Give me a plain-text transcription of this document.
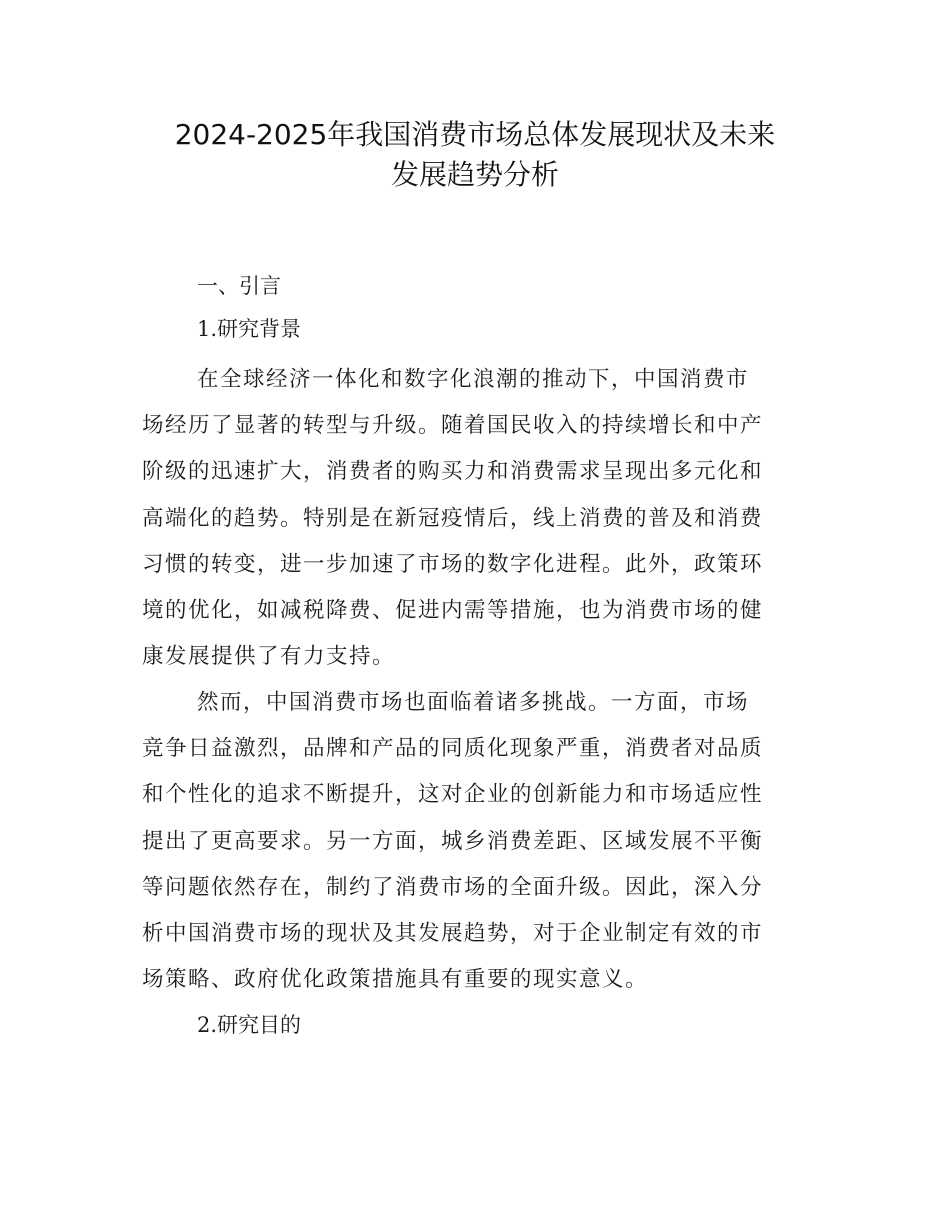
2024-2025年我国消费市场总体发展现状及未来
发展趋势分析
一、引言
1.研究背景

在全球经济一体化和数字化浪潮的推动下，中国消费市
场经历了显著的转型与升级。随着国民收入的持续增长和中产
阶级的迅速扩大，消费者的购买力和消费需求呈现出多元化和
高端化的趋势。特别是在新冠疫情后，线上消费的普及和消费
习惯的转变，进一步加速了市场的数字化进程。此外，政策环
境的优化，如减税降费、促进内需等措施，也为消费市场的健
康发展提供了有力支持。

然而，中国消费市场也面临着诸多挑战。一方面，市场
竞争日益激烈，品牌和产品的同质化现象严重，消费者对品质
和个性化的追求不断提升，这对企业的创新能力和市场适应性
提出了更高要求。另一方面，城乡消费差距、区域发展不平衡
等问题依然存在，制约了消费市场的全面升级。因此，深入分
析中国消费市场的现状及其发展趋势，对于企业制定有效的市
场策略、政府优化政策措施具有重要的现实意义。

2.研究目的
